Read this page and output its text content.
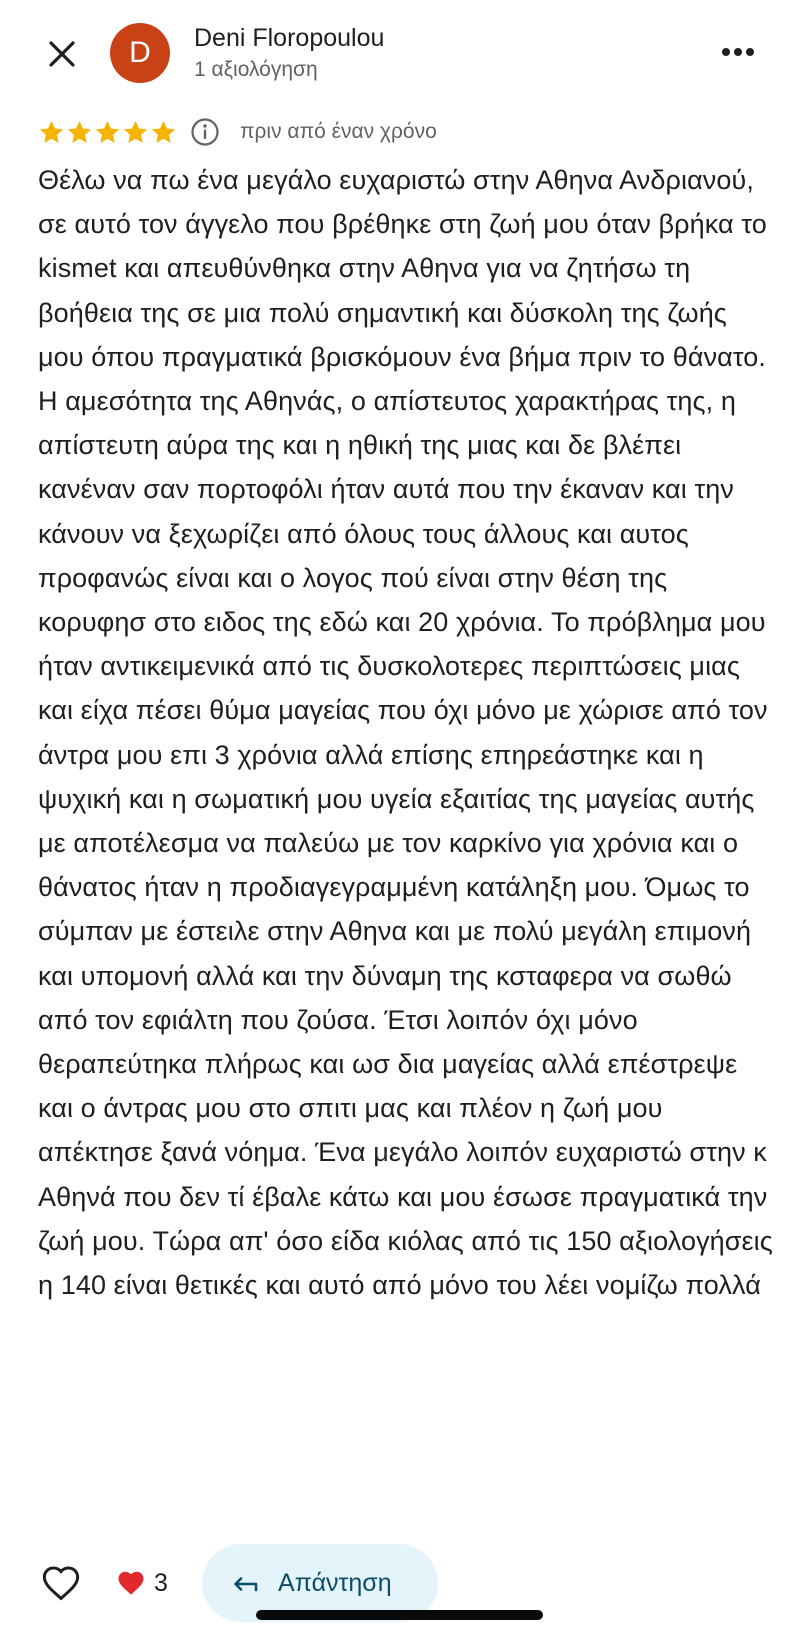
D Deni Floropoulou
1 αξιολόγηση
πριν από έναν χρόνο

Θέλω να πω ένα μεγάλο ευχαριστώ στην Αθηνα Ανδριανού, σε αυτό τον άγγελο που βρέθηκε στη ζωή μου όταν βρήκα το kismet και απευθύνθηκα στην Αθηνα για να ζητήσω τη βοήθεια της σε μια πολύ σημαντική και δύσκολη της ζωής μου όπου πραγματικά βρισκόμουν ένα βήμα πριν το θάνατο. Η αμεσότητα της Αθηνάς, ο απίστευτος χαρακτήρας της, η απίστευτη αύρα της και η ηθική της μιας και δε βλέπει κανέναν σαν πορτοφόλι ήταν αυτά που την έκαναν και την κάνουν να ξεχωρίζει από όλους τους άλλους και αυτος προφανώς είναι και ο λογος πού είναι στην θέση της κορυφησ στο ειδος της εδώ και 20 χρόνια. Το πρόβλημα μου ήταν αντικειμενικά από τις δυσκολοτερες περιπτώσεις μιας και είχα πέσει θύμα μαγείας που όχι μόνο με χώρισε από τον άντρα μου επι 3 χρόνια αλλά επίσης επηρεάστηκε και η ψυχική και η σωματική μου υγεία εξαιτίας της μαγείας αυτής με αποτέλεσμα να παλεύω με τον καρκίνο για χρόνια και ο θάνατος ήταν η προδιαγεγραμμένη κατάληξη μου. Όμως το σύμπαν με έστειλε στην Αθηνα και με πολύ μεγάλη επιμονή και υπομονή αλλά και την δύναμη της κσταφερα να σωθώ από τον εφιάλτη που ζούσα. Έτσι λοιπόν όχι μόνο θεραπεύτηκα πλήρως και ωσ δια μαγείας αλλά επέστρεψε και ο άντρας μου στο σπιτι μας και πλέον η ζωή μου απέκτησε ξανά νόημα. Ένα μεγάλο λοιπόν ευχαριστώ στην κ Αθηνά που δεν τί έβαλε κάτω και μου έσωσε πραγματικά την ζωή μου. Τώρα απ' όσο είδα κιόλας από τις 150 αξιολογήσεις η 140 είναι θετικές και αυτό από μόνο του λέει νομίζω πολλά

3	Απάντηση
